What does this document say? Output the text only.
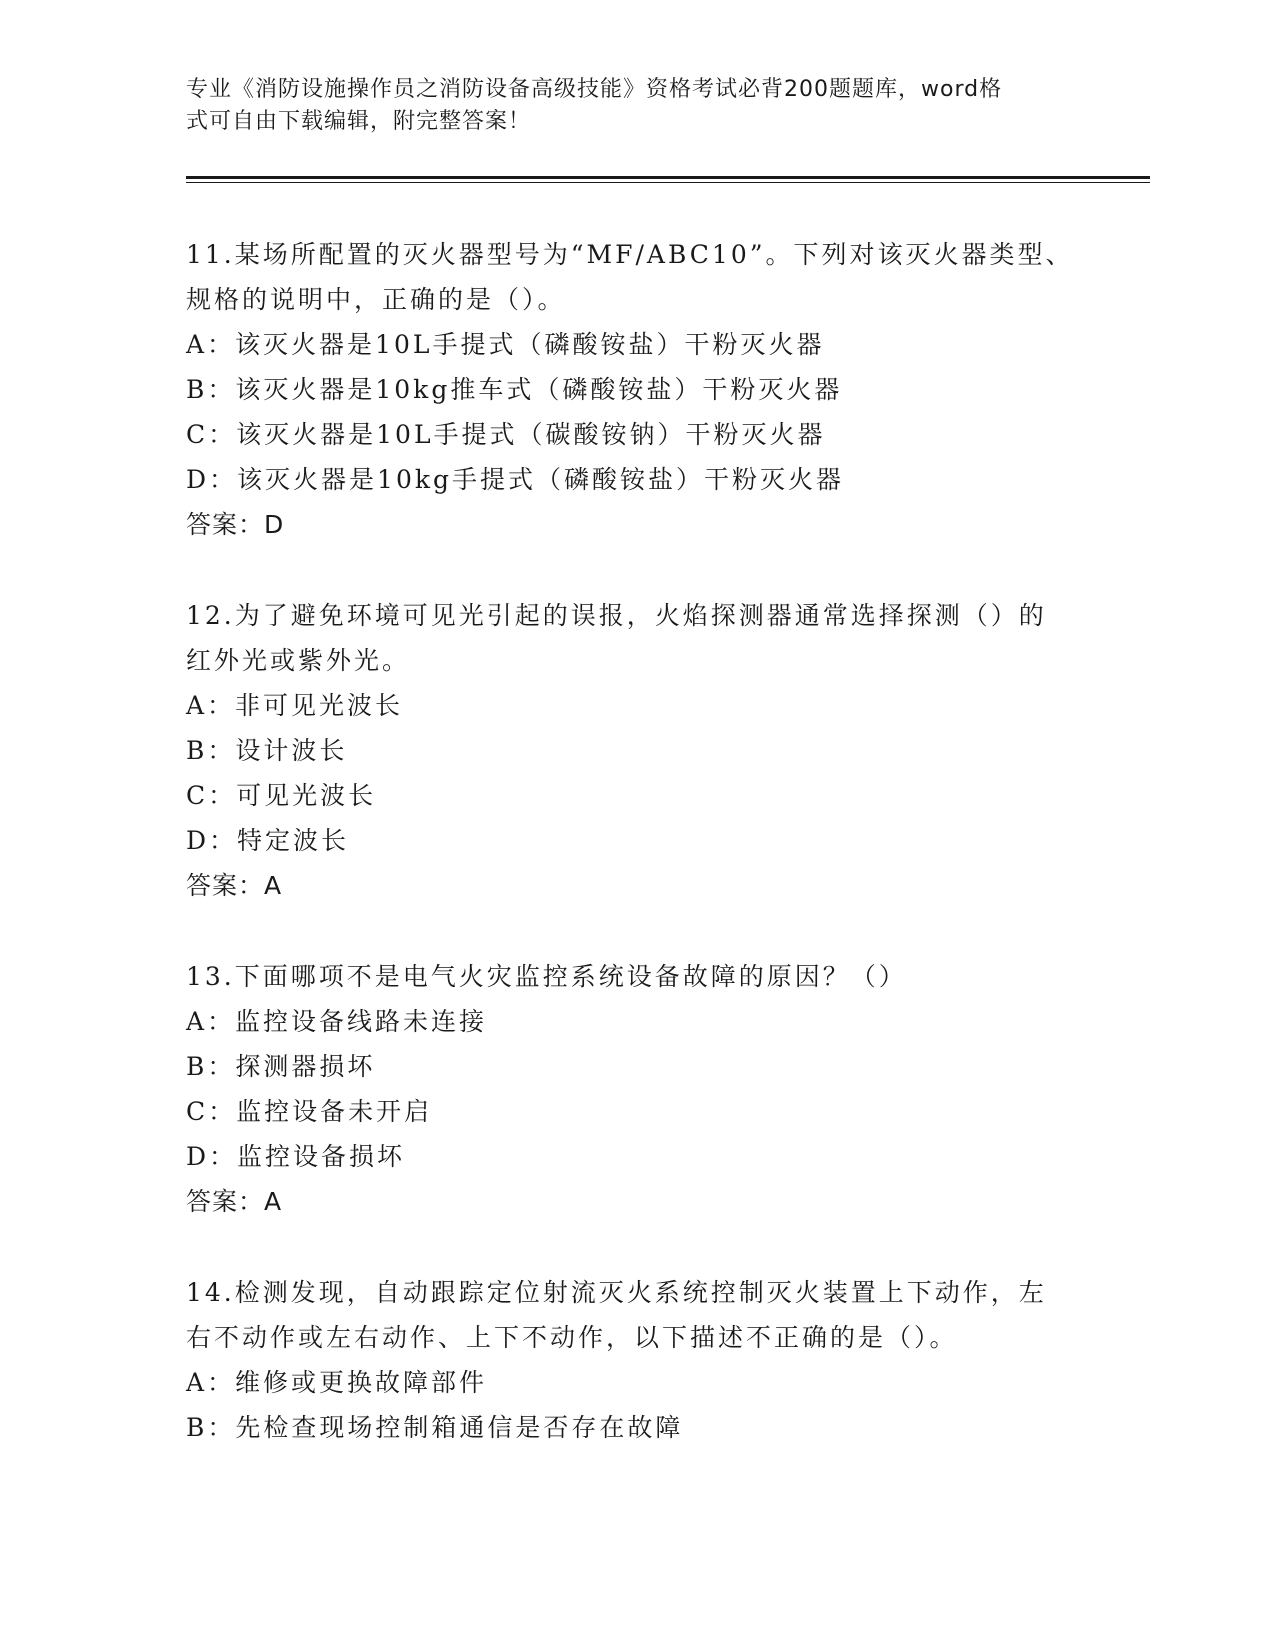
专业《消防设施操作员之消防设备高级技能》资格考试必背200题题库，word格
式可自由下载编辑，附完整答案！
11.某场所配置的灭火器型号为“MF/ABC10”。下列对该灭火器类型、
规格的说明中，正确的是（）。
A：该灭火器是10L手提式（磷酸铵盐）干粉灭火器
B：该灭火器是10kg推车式（磷酸铵盐）干粉灭火器
C：该灭火器是10L手提式（碳酸铵钠）干粉灭火器
D：该灭火器是10kg手提式（磷酸铵盐）干粉灭火器
答案：D
12.为了避免环境可见光引起的误报，火焰探测器通常选择探测（）的
红外光或紫外光。
A：非可见光波长
B：设计波长
C：可见光波长
D：特定波长
答案：A
13.下面哪项不是电气火灾监控系统设备故障的原因？（）
A：监控设备线路未连接
B：探测器损坏
C：监控设备未开启
D：监控设备损坏
答案：A
14.检测发现，自动跟踪定位射流灭火系统控制灭火装置上下动作，左
右不动作或左右动作、上下不动作，以下描述不正确的是（）。
A：维修或更换故障部件
B：先检查现场控制箱通信是否存在故障
